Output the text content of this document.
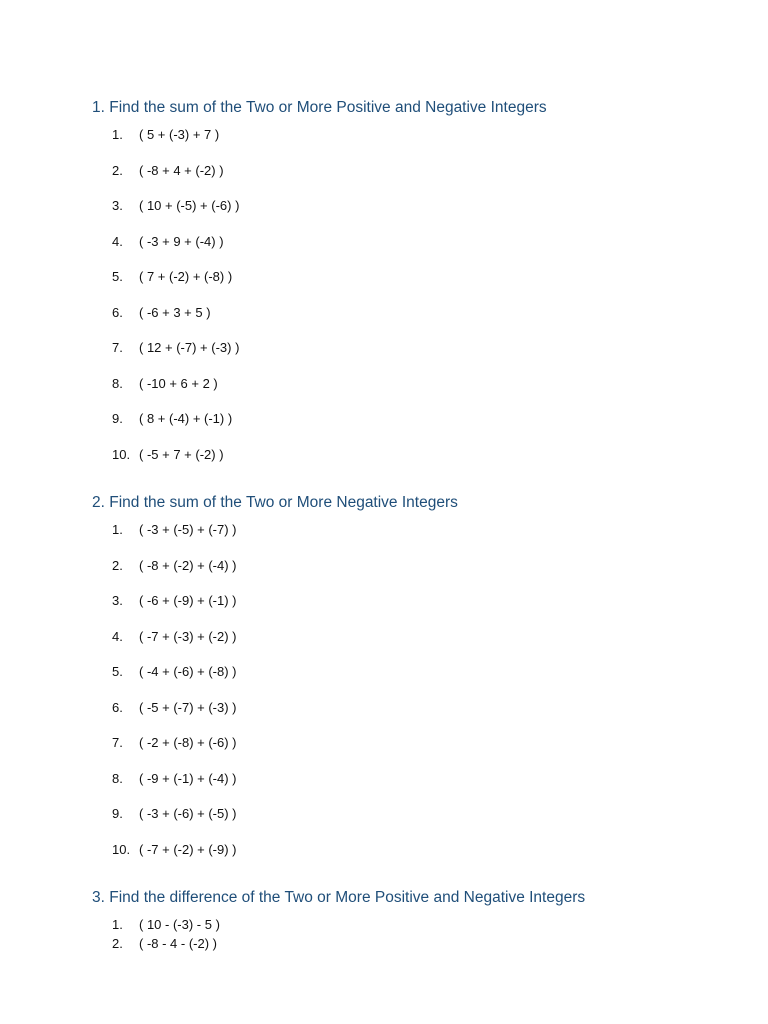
1. Find the sum of the Two or More Positive and Negative Integers
1.	( 5 + (-3) + 7 )
2.	( -8 + 4 + (-2) )
3.	( 10 + (-5) + (-6) )
4.	( -3 + 9 + (-4) )
5.	( 7 + (-2) + (-8) )
6.	( -6 + 3 + 5 )
7.	( 12 + (-7) + (-3) )
8.	( -10 + 6 + 2 )
9.	( 8 + (-4) + (-1) )
10. ( -5 + 7 + (-2) )
2. Find the sum of the Two or More Negative Integers
1.	( -3 + (-5) + (-7) )
2.	( -8 + (-2) + (-4) )
3.	( -6 + (-9) + (-1) )
4.	( -7 + (-3) + (-2) )
5.	( -4 + (-6) + (-8) )
6.	( -5 + (-7) + (-3) )
7.	( -2 + (-8) + (-6) )
8.	( -9 + (-1) + (-4) )
9.	( -3 + (-6) + (-5) )
10. ( -7 + (-2) + (-9) )
3. Find the difference of the Two or More Positive and Negative Integers
1.	( 10 - (-3) - 5 )
2.	( -8 - 4 - (-2) )
